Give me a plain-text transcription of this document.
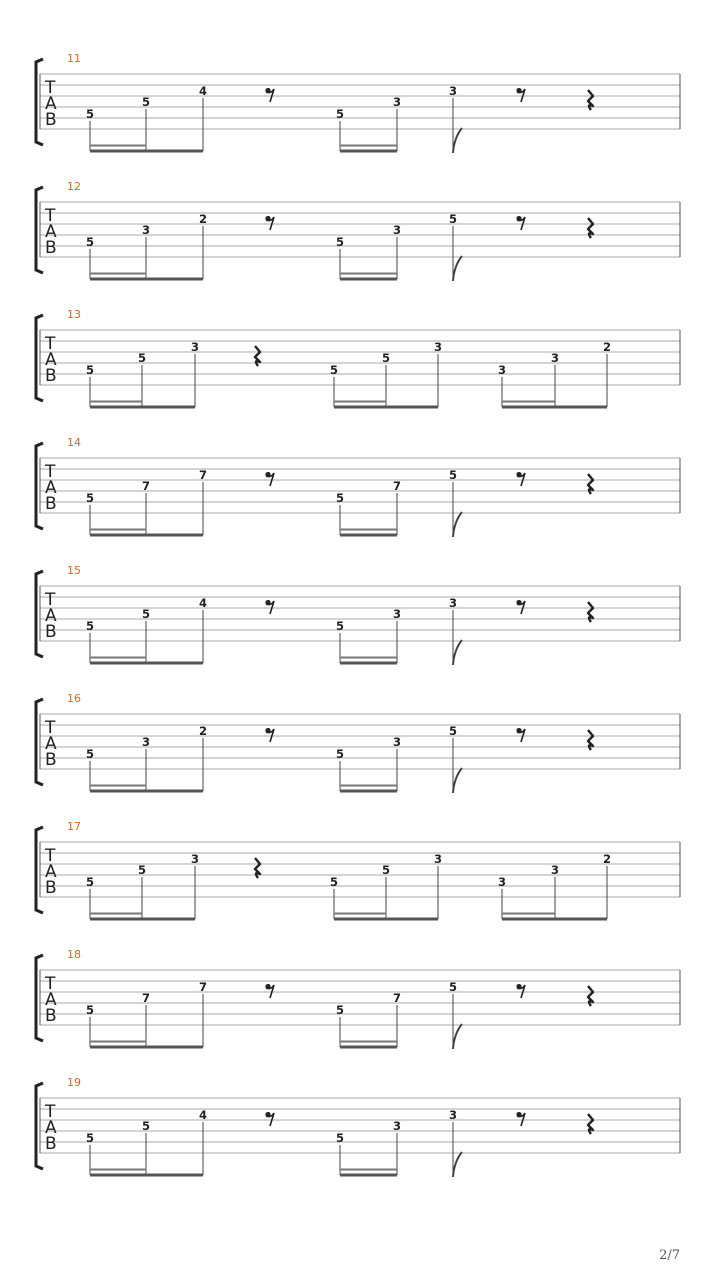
11
T
A
B	5
5
4
5
3
3
12
T
A
B	5
3
2
5
3
5
13
T
A
B	5
5
3
5
5
3
3
3
2
14
T
A
B	5
7
7
5
7
5
15
T
A
B	5
5
4
5
3
3
16
T
A
B	5
3
2
5
3
5
17
T
A
B	5
5
3
5
5
3
3
3
2
18
T
A
B	5
7
7
5
7
5
19
T
A
B	5
5
4
5
3
3
2/7
